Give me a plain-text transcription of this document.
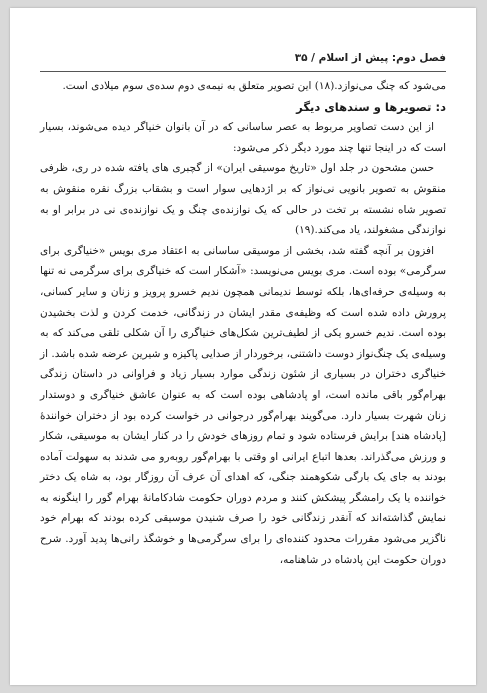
فصل دوم: پیش از اسلام / ۳۵

می‌شود که چنگ می‌نوازد.(۱۸) این تصویر متعلق به نیمه‌ی دوم سده‌ی سوم میلادی است.

د: تصویرها و سندهای دیگر

از این دست تصاویر مربوط به عصر ساسانی که در آن بانوان خنیاگر دیده می‌شوند، بسیار است که در اینجا تنها چند مورد دیگر ذکر می‌شود:

حسن مشحون در جلد اول «تاریخ موسیقی ایران» از گچبری های یافته شده در ری، ظرفی منقوش به تصویر بانویی نی‌نواز که بر اژدهایی سوار است و بشقاب بزرگ نقره منقوش به تصویر شاه نشسته بر تخت در حالی که یک نوازنده‌ی چنگ و یک نوازنده‌ی نی در برابر او به نوازندگی مشغولند، یاد می‌کند.(۱۹)

افزون بر آنچه گفته شد، بخشی از موسیقی ساسانی به اعتقاد مری بویس «خنیاگری برای سرگرمی» بوده است. مری بویس می‌نویسد: «آشکار است که خنیاگری برای سرگرمی نه تنها به وسیله‌ی حرفه‌ای‌ها، بلکه توسط ندیمانی همچون ندیم خسرو پرویز و زنان و سایر کسانی، پرورش داده شده است که وظیفه‌ی مقدر ایشان در زندگانی، خدمت کردن و لذت بخشیدن بوده است. ندیم خسرو یکی از لطیف‌ترین شکل‌های خنیاگری را آن شکلی تلقی می‌کند که به وسیله‌ی یک چنگ‌نواز دوست داشتنی، برخوردار از صدایی پاکیزه و شیرین عرضه شده باشد. از خنیاگری دختران در بسیاری از شئون زندگی موارد بسیار زیاد و فراوانی در داستان زندگی بهرام‌گور باقی مانده است، او پادشاهی بوده است که به عنوان عاشق خنیاگری و دوستدار زنان شهرت بسیار دارد. می‌گویند بهرام‌گور درجوانی در خواست کرده بود از دختران خوانندهٔ [پادشاه هند] برایش فرستاده شود و تمام روزهای خودش را در کنار ایشان به موسیقی، شکار و ورزش می‌گذراند. بعدها اتباع ایرانی او وقتی با بهرام‌گور روبه‌رو می شدند به سهولت آماده بودند به جای یک بارگی شکوهمند جنگی، که اهدای آن عرف آن روزگار بود، به شاه یک دختر خواننده یا یک رامشگر پیشکش کنند و مردم دوران حکومت شادکامانهٔ بهرام گور را اینگونه به نمایش گذاشته‌اند که آنقدر زندگانی خود را صرف شنیدن موسیقی کرده بودند که بهرام خود ناگزیر می‌شود مقررات محدود کننده‌ای را برای سرگرمی‌ها و خوشگذ رانی‌ها پدید آورد. شرح دوران حکومت این پادشاه در شاهنامه،
